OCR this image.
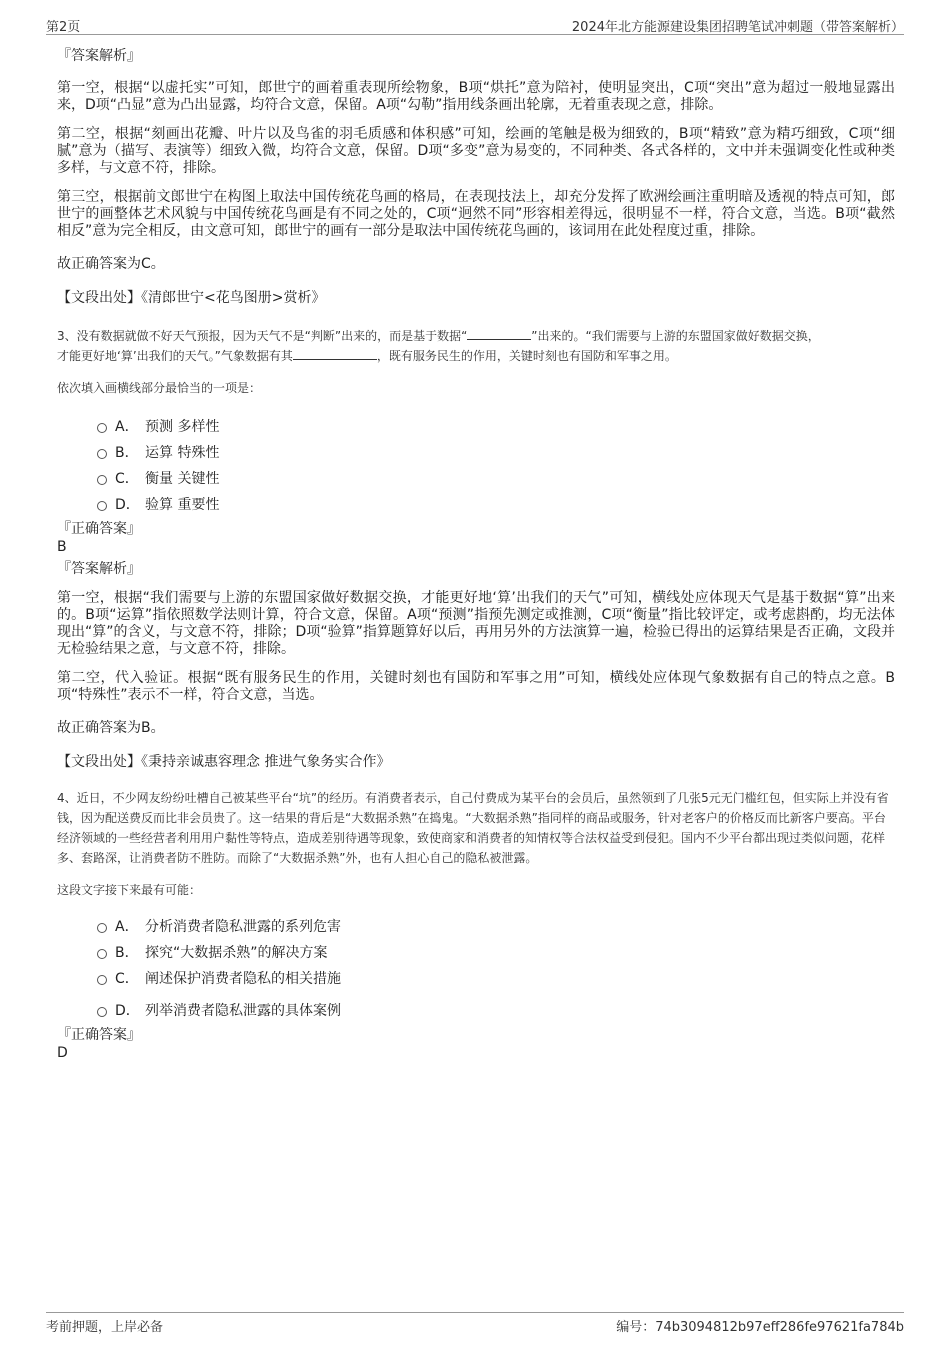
第2页	2024年北方能源建设集团招聘笔试冲刺题（带答案解析）

『答案解析』

第一空，根据“以虚托实”可知，郎世宁的画着重表现所绘物象，B项“烘托”意为陪衬，使明显突出，C项“突出”意为超过一般地显露出来，D项“凸显”意为凸出显露，均符合文意，保留。A项“勾勒”指用线条画出轮廓，无着重表现之意，排除。

第二空，根据“刻画出花瓣、叶片以及鸟雀的羽毛质感和体积感”可知，绘画的笔触是极为细致的，B项“精致”意为精巧细致，C项“细腻”意为（描写、表演等）细致入微，均符合文意，保留。D项“多变”意为易变的，不同种类、各式各样的，文中并未强调变化性或种类多样，与文意不符，排除。

第三空，根据前文郎世宁在构图上取法中国传统花鸟画的格局，在表现技法上，却充分发挥了欧洲绘画注重明暗及透视的特点可知，郎世宁的画整体艺术风貌与中国传统花鸟画是有不同之处的，C项“迥然不同”形容相差得远，很明显不一样，符合文意，当选。B项“截然相反”意为完全相反，由文意可知，郎世宁的画有一部分是取法中国传统花鸟画的，该词用在此处程度过重，排除。

故正确答案为C。

【文段出处】《清郎世宁<花鸟图册>赏析》

3、没有数据就做不好天气预报，因为天气不是“判断”出来的，而是基于数据“	”出来的。“我们需要与上游的东盟国家做好数据交换，
才能更好地‘算’出我们的天气。”气象数据有其	，既有服务民生的作用，关键时刻也有国防和军事之用。

依次填入画横线部分最恰当的一项是：

A． 预测 多样性
B． 运算 特殊性
C． 衡量 关键性
D． 验算 重要性

『正确答案』

B

『答案解析』

第一空，根据“我们需要与上游的东盟国家做好数据交换，才能更好地‘算’出我们的天气”可知，横线处应体现天气是基于数据“算”出来的。B项“运算”指依照数学法则计算，符合文意，保留。A项“预测”指预先测定或推测，C项“衡量”指比较评定，或考虑斟酌，均无法体现出“算”的含义，与文意不符，排除；D项“验算”指算题算好以后，再用另外的方法演算一遍，检验已得出的运算结果是否正确，文段并无检验结果之意，与文意不符，排除。

第二空，代入验证。根据“既有服务民生的作用，关键时刻也有国防和军事之用”可知，横线处应体现气象数据有自己的特点之意。B项“特殊性”表示不一样，符合文意，当选。

故正确答案为B。

【文段出处】《秉持亲诚惠容理念 推进气象务实合作》

4、近日，不少网友纷纷吐槽自己被某些平台“坑”的经历。有消费者表示，自己付费成为某平台的会员后，虽然领到了几张5元无门槛红包，但实际上并没有省钱，因为配送费反而比非会员贵了。这一结果的背后是“大数据杀熟”在捣鬼。“大数据杀熟”指同样的商品或服务，针对老客户的价格反而比新客户要高。平台经济领域的一些经营者利用用户黏性等特点，造成差别待遇等现象，致使商家和消费者的知情权等合法权益受到侵犯。国内不少平台都出现过类似问题，花样多、套路深，让消费者防不胜防。而除了“大数据杀熟”外，也有人担心自己的隐私被泄露。

这段文字接下来最有可能：

A． 分析消费者隐私泄露的系列危害
B． 探究“大数据杀熟”的解决方案
C． 阐述保护消费者隐私的相关措施
D． 列举消费者隐私泄露的具体案例

『正确答案』

D

考前押题，上岸必备	编号：74b3094812b97eff286fe97621fa784b
